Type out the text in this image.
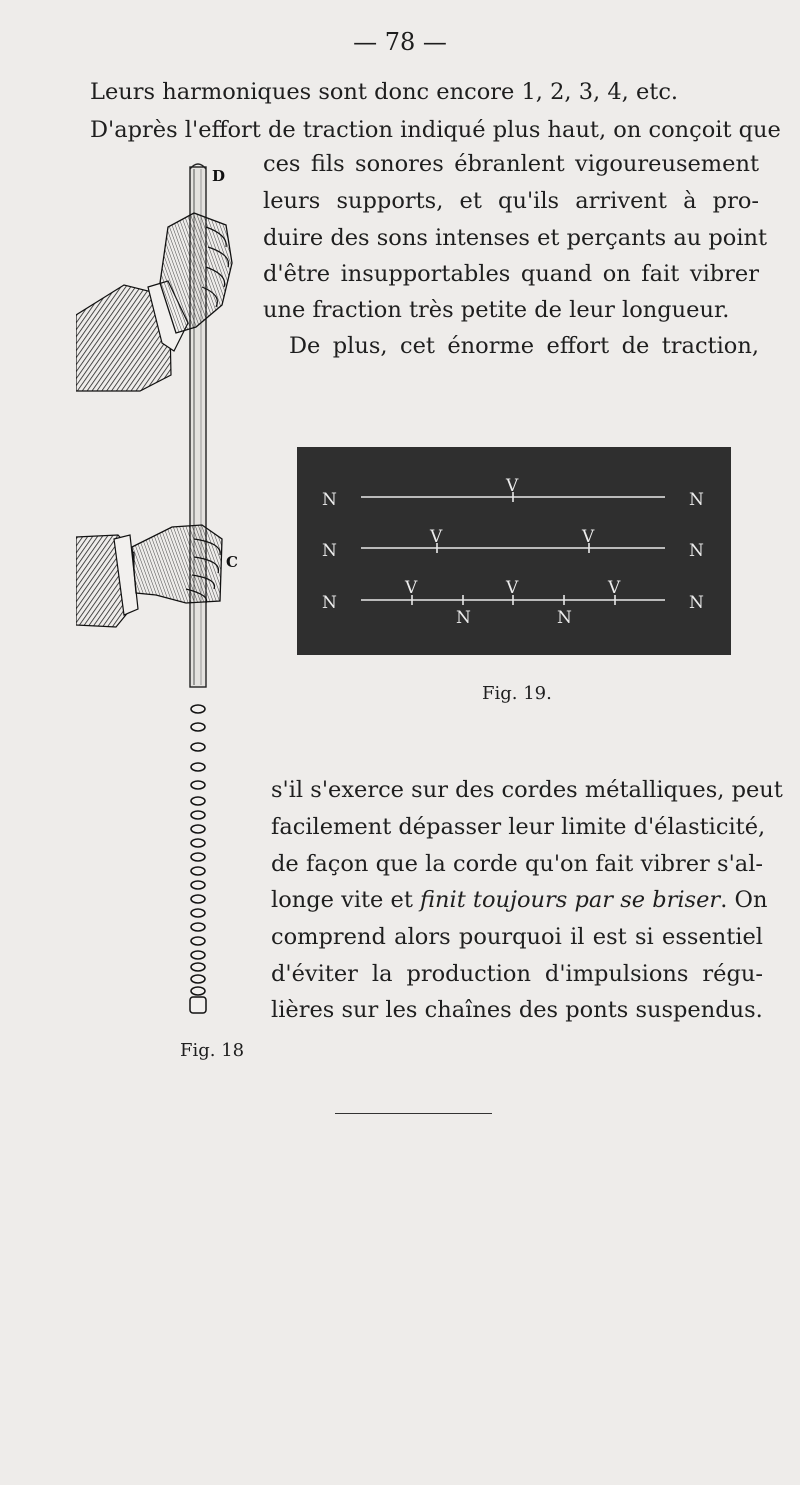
— 78 —
Leurs harmoniques sont donc encore 1, 2, 3, 4, etc.
D'après l'effort de traction indiqué plus haut, on conçoit que
ces fils sonores ébranlent vigoureusement
leurs supports, et qu'ils arrivent à pro-
duire des sons intenses et perçants au point
d'être insupportables quand on fait vibrer
une fraction très petite de leur longueur.
De plus, cet énorme effort de traction,
D
C
Fig. 18
N	N
V
N	N
V	V
N	N
V	V	V
N	N
Fig. 19.
s'il s'exerce sur des cordes métalliques, peut
facilement dépasser leur limite d'élasticité,
de façon que la corde qu'on fait vibrer s'al-
longe vite et finit toujours par se briser. On
comprend alors pourquoi il est si essentiel
d'éviter la production d'impulsions régu-
lières sur les chaînes des ponts suspendus.
